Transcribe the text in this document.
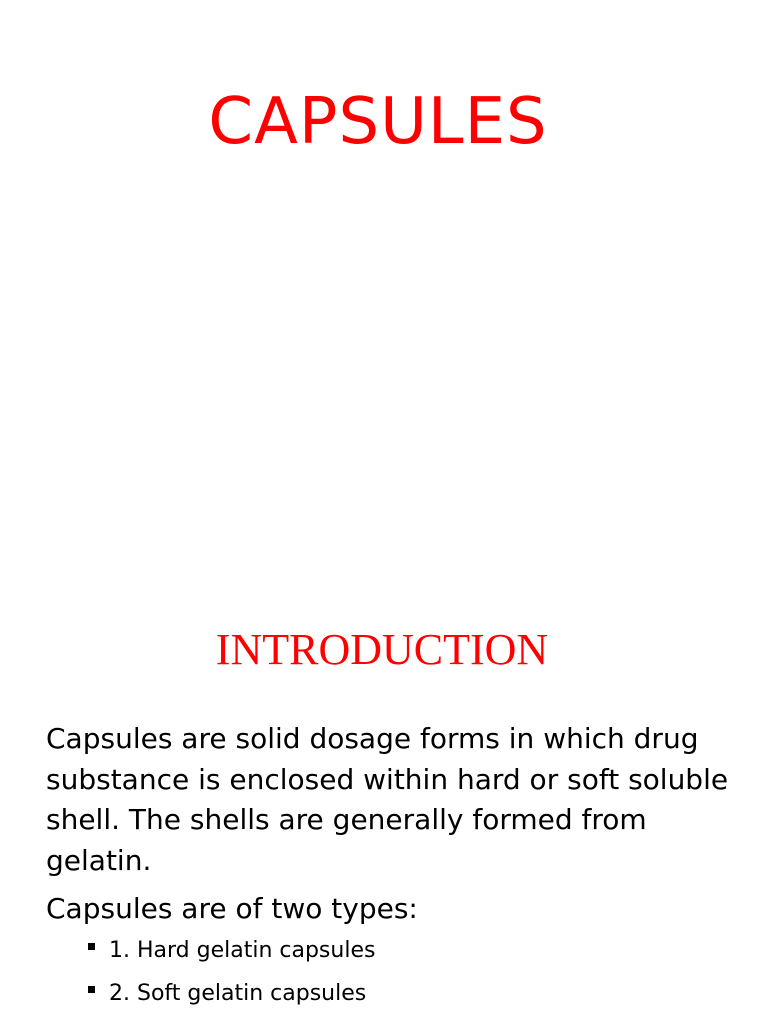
CAPSULES
INTRODUCTION

Capsules are solid dosage forms in which drug substance is enclosed within hard or soft soluble shell. The shells are generally formed from gelatin.

Capsules are of two types:

1. Hard gelatin capsules
2. Soft gelatin capsules
